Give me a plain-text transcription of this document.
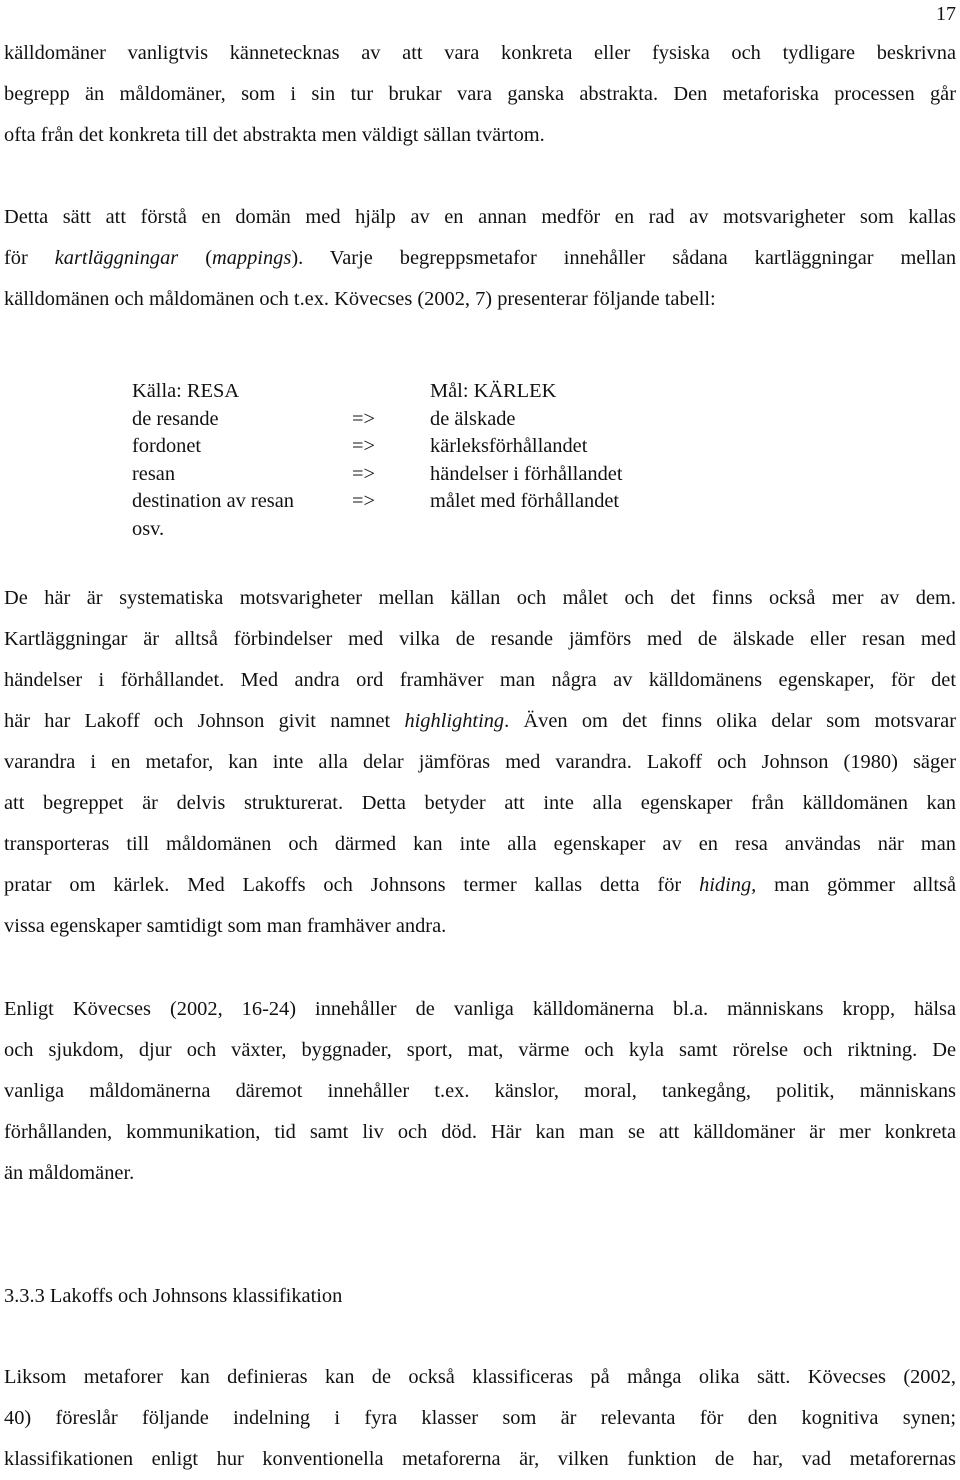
17
källdomäner vanligtvis kännetecknas av att vara konkreta eller fysiska och tydligare beskrivna
begrepp än måldomäner, som i sin tur brukar vara ganska abstrakta. Den metaforiska processen går
ofta från det konkreta till det abstrakta men väldigt sällan tvärtom.
Detta sätt att förstå en domän med hjälp av en annan medför en rad av motsvarigheter som kallas
för kartläggningar (mappings). Varje begreppsmetafor innehåller sådana kartläggningar mellan
källdomänen och måldomänen och t.ex. Kövecses (2002, 7) presenterar följande tabell:
Källa: RESA	Mål: KÄRLEK
de resande	=>	de älskade
fordonet	=>	kärleksförhållandet
resan	=>	händelser i förhållandet
destination av resan	=>	målet med förhållandet
osv.
De här är systematiska motsvarigheter mellan källan och målet och det finns också mer av dem.
Kartläggningar är alltså förbindelser med vilka de resande jämförs med de älskade eller resan med
händelser i förhållandet. Med andra ord framhäver man några av källdomänens egenskaper, för det
här har Lakoff och Johnson givit namnet highlighting. Även om det finns olika delar som motsvarar
varandra i en metafor, kan inte alla delar jämföras med varandra. Lakoff och Johnson (1980) säger
att begreppet är delvis strukturerat. Detta betyder att inte alla egenskaper från källdomänen kan
transporteras till måldomänen och därmed kan inte alla egenskaper av en resa användas när man
pratar om kärlek. Med Lakoffs och Johnsons termer kallas detta för hiding, man gömmer alltså
vissa egenskaper samtidigt som man framhäver andra.
Enligt Kövecses (2002, 16-24) innehåller de vanliga källdomänerna bl.a. människans kropp, hälsa
och sjukdom, djur och växter, byggnader, sport, mat, värme och kyla samt rörelse och riktning. De
vanliga måldomänerna däremot innehåller t.ex. känslor, moral, tankegång, politik, människans
förhållanden, kommunikation, tid samt liv och död. Här kan man se att källdomäner är mer konkreta
än måldomäner.
3.3.3 Lakoffs och Johnsons klassifikation
Liksom metaforer kan definieras kan de också klassificeras på många olika sätt. Kövecses (2002,
40) föreslår följande indelning i fyra klasser som är relevanta för den kognitiva synen;
klassifikationen enligt hur konventionella metaforerna är, vilken funktion de har, vad metaforernas
